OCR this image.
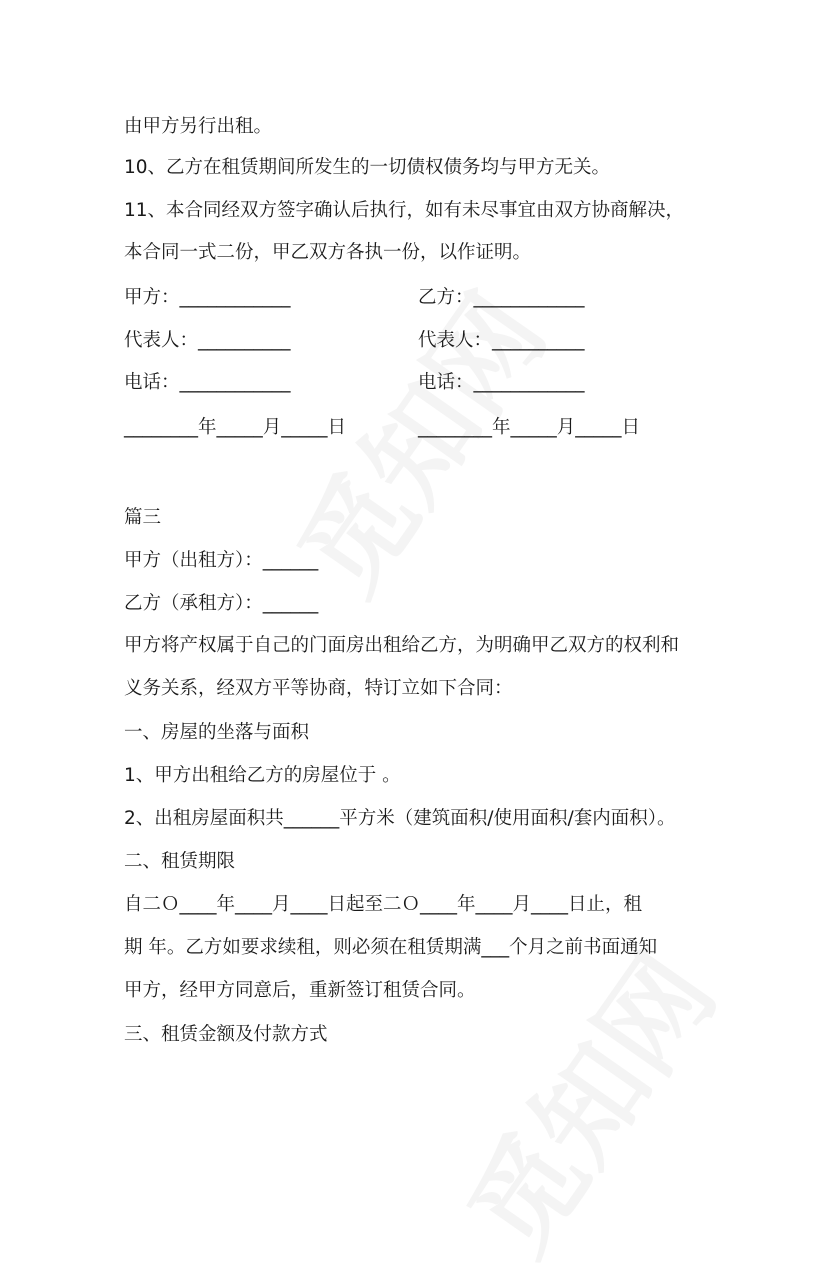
由甲方另行出租。
10、乙方在租赁期间所发生的一切债权债务均与甲方无关。
11、本合同经双方签字确认后执行，如有未尽事宜由双方协商解决，
本合同一式二份，甲乙双方各执一份，以作证明。
甲方：____________	乙方：____________
代表人：__________	代表人：__________
电话：____________	电话：____________
________年_____月_____日	________年_____月_____日
篇三
甲方（出租方）：______
乙方（承租方）：______
甲方将产权属于自己的门面房出租给乙方，为明确甲乙双方的权利和
义务关系，经双方平等协商，特订立如下合同：
一、房屋的坐落与面积
1、甲方出租给乙方的房屋位于 。
2、出租房屋面积共______平方米（建筑面积/使用面积/套内面积）。
二、租赁期限
自二Ｏ____年____月____日起至二Ｏ____年____月____日止，租
期 年。乙方如要求续租，则必须在租赁期满___个月之前书面通知
甲方，经甲方同意后，重新签订租赁合同。
三、租赁金额及付款方式
